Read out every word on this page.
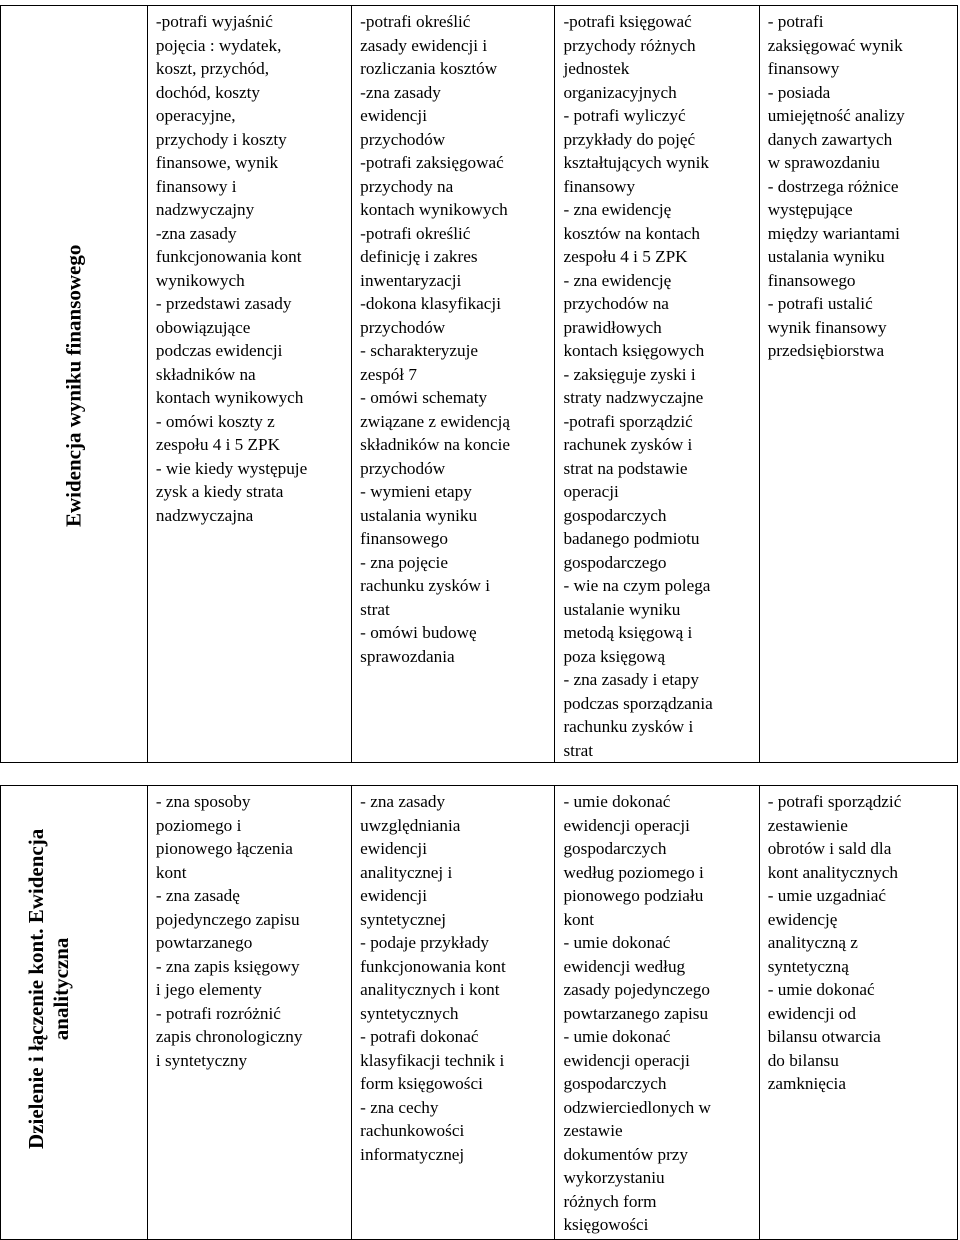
Ewidencja wyniku finansowego

-potrafi wyjaśnić
pojęcia : wydatek,
koszt, przychód,
dochód, koszty
operacyjne,
przychody i koszty
finansowe, wynik
finansowy i
nadzwyczajny
-zna zasady
funkcjonowania kont
wynikowych
- przedstawi zasady
obowiązujące
podczas ewidencji
składników na
kontach wynikowych
- omówi koszty z
zespołu 4 i 5 ZPK
- wie kiedy występuje
zysk a kiedy strata
nadzwyczajna

-potrafi określić
zasady ewidencji i
rozliczania kosztów
-zna zasady
ewidencji
przychodów
-potrafi zaksięgować
przychody na
kontach wynikowych
-potrafi określić
definicję i zakres
inwentaryzacji
-dokona klasyfikacji
przychodów
- scharakteryzuje
zespół 7
- omówi schematy
związane z ewidencją
składników na koncie
przychodów
- wymieni etapy
ustalania wyniku
finansowego
- zna pojęcie
rachunku zysków i
strat
- omówi budowę
sprawozdania

-potrafi księgować
przychody różnych
jednostek
organizacyjnych
- potrafi wyliczyć
przykłady do pojęć
kształtujących wynik
finansowy
- zna ewidencję
kosztów na kontach
zespołu 4 i 5 ZPK
- zna ewidencję
przychodów na
prawidłowych
kontach księgowych
- zaksięguje zyski i
straty nadzwyczajne
-potrafi sporządzić
rachunek zysków i
strat na podstawie
operacji
gospodarczych
badanego podmiotu
gospodarczego
- wie na czym polega
ustalanie wyniku
metodą księgową i
poza księgową
- zna zasady i etapy
podczas sporządzania
rachunku zysków i
strat

- potrafi
zaksięgować wynik
finansowy
- posiada
umiejętność analizy
danych zawartych
w sprawozdaniu
- dostrzega różnice
występujące
między wariantami
ustalania wyniku
finansowego
- potrafi ustalić
wynik finansowy
przedsiębiorstwa
Dzielenie i łączenie kont. Ewidencja analityczna

- zna sposoby
poziomego i
pionowego łączenia
kont
- zna zasadę
pojedynczego zapisu
powtarzanego
- zna zapis księgowy
i jego elementy
- potrafi rozróżnić
zapis chronologiczny
i syntetyczny

- zna zasady
uwzględniania
ewidencji
analitycznej i
ewidencji
syntetycznej
- podaje przykłady
funkcjonowania kont
analitycznych i kont
syntetycznych
- potrafi dokonać
klasyfikacji technik i
form księgowości
- zna cechy
rachunkowości
informatycznej

- umie dokonać
ewidencji operacji
gospodarczych
według poziomego i
pionowego podziału
kont
- umie dokonać
ewidencji według
zasady pojedynczego
powtarzanego zapisu
- umie dokonać
ewidencji operacji
gospodarczych
odzwierciedlonych w
zestawie
dokumentów przy
wykorzystaniu
różnych form
księgowości

- potrafi sporządzić
zestawienie
obrotów i sald dla
kont analitycznych
- umie uzgadniać
ewidencję
analityczną z
syntetyczną
- umie dokonać
ewidencji od
bilansu otwarcia
do bilansu
zamknięcia
